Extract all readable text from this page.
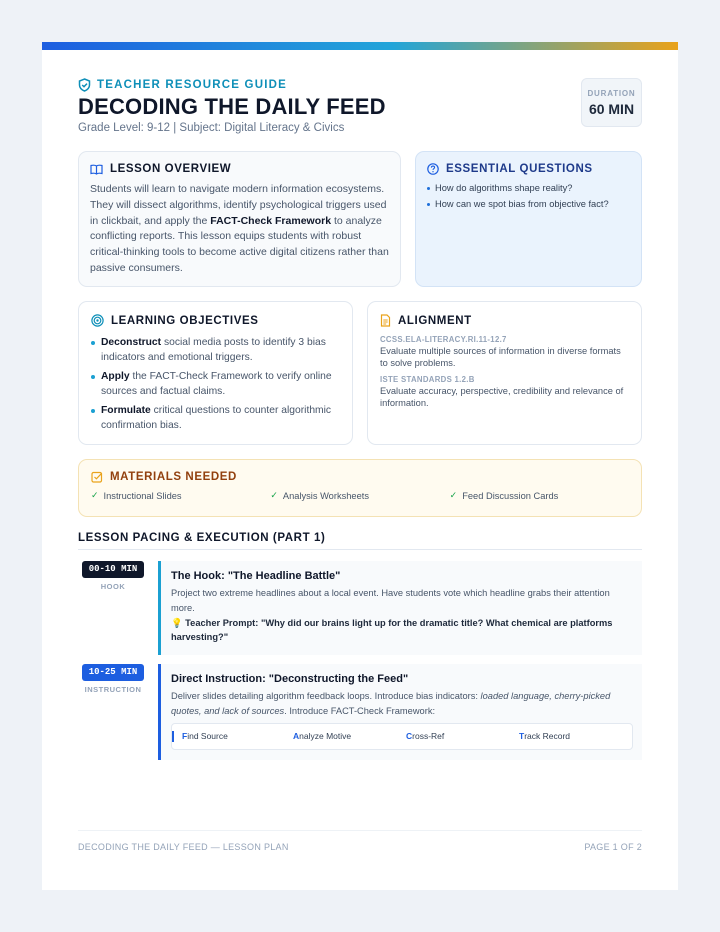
TEACHER RESOURCE GUIDE
DECODING THE DAILY FEED
Grade Level: 9-12 | Subject: Digital Literacy & Civics
DURATION
60 MIN
LESSON OVERVIEW

Students will learn to navigate modern information ecosystems. They will dissect algorithms, identify psychological triggers used in clickbait, and apply the FACT-Check Framework to analyze conflicting reports. This lesson equips students with robust critical-thinking tools to become active digital citizens rather than passive consumers.

ESSENTIAL QUESTIONS
How do algorithms shape reality?
How can we spot bias from objective fact?
LEARNING OBJECTIVES
Deconstruct social media posts to identify 3 bias indicators and emotional triggers.
Apply the FACT-Check Framework to verify online sources and factual claims.
Formulate critical questions to counter algorithmic confirmation bias.
ALIGNMENT
CCSS.ELA-LITERACY.RI.11-12.7
Evaluate multiple sources of information in diverse formats to solve problems.
ISTE STANDARDS 1.2.B
Evaluate accuracy, perspective, credibility and relevance of information.
MATERIALS NEEDED
✓ Instructional Slides	✓ Analysis Worksheets	✓ Feed Discussion Cards
LESSON PACING & EXECUTION (PART 1)
00-10 MIN
HOOK
The Hook: "The Headline Battle"

Project two extreme headlines about a local event. Have students vote which headline grabs their attention more.

💡 Teacher Prompt: "Why did our brains light up for the dramatic title? What chemical are platforms harvesting?"
10-25 MIN
INSTRUCTION
Direct Instruction: "Deconstructing the Feed"

Deliver slides detailing algorithm feedback loops. Introduce bias indicators: loaded language, cherry-picked quotes, and lack of sources. Introduce FACT-Check Framework:

Find Source	Analyze Motive	Cross-Ref	Track Record
DECODING THE DAILY FEED — LESSON PLAN	PAGE 1 OF 2
